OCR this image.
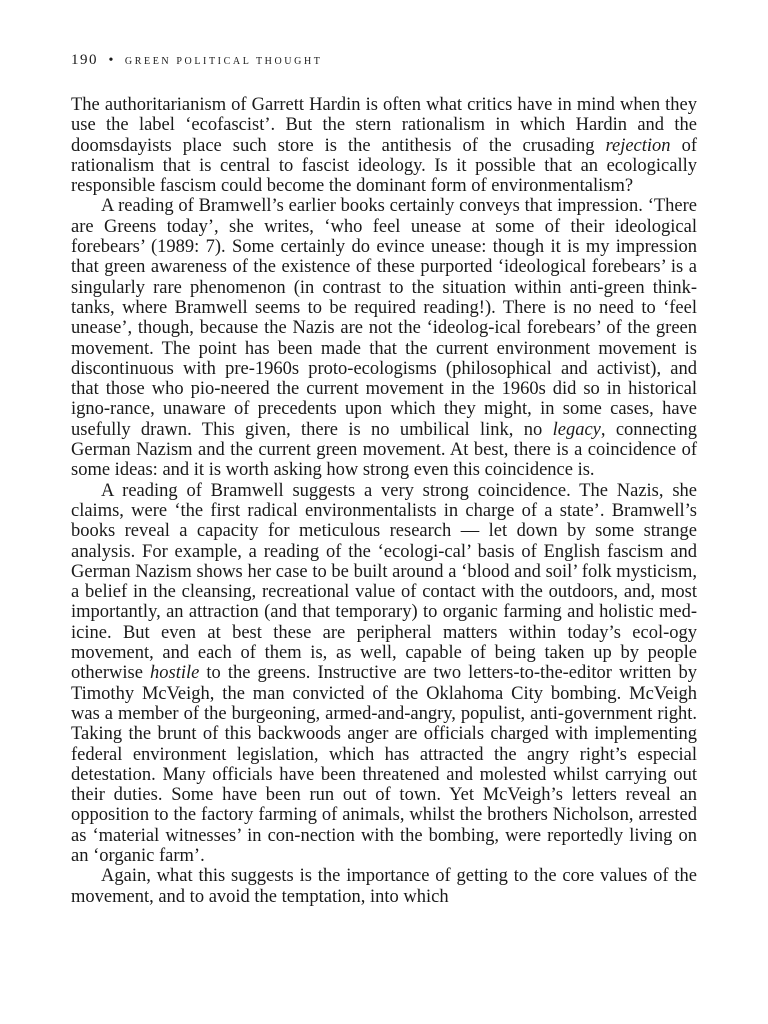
190 • GREEN POLITICAL THOUGHT

The authoritarianism of Garrett Hardin is often what critics have in mind when they use the label ‘ecofascist’. But the stern rationalism in which Hardin and the doomsdayists place such store is the antithesis of the crusading rejection of rationalism that is central to fascist ideology. Is it possible that an ecologically responsible fascism could become the dominant form of environmentalism?

A reading of Bramwell’s earlier books certainly conveys that impression. ‘There are Greens today’, she writes, ‘who feel unease at some of their ideological forebears’ (1989: 7). Some certainly do evince unease: though it is my impression that green awareness of the existence of these purported ‘ideological forebears’ is a singularly rare phenomenon (in contrast to the situation within anti-green think-tanks, where Bramwell seems to be required reading!). There is no need to ‘feel unease’, though, because the Nazis are not the ‘ideolog-ical forebears’ of the green movement. The point has been made that the current environment movement is discontinuous with pre-1960s proto-ecologisms (philosophical and activist), and that those who pio-neered the current movement in the 1960s did so in historical igno-rance, unaware of precedents upon which they might, in some cases, have usefully drawn. This given, there is no umbilical link, no legacy, connecting German Nazism and the current green movement. At best, there is a coincidence of some ideas: and it is worth asking how strong even this coincidence is.

A reading of Bramwell suggests a very strong coincidence. The Nazis, she claims, were ‘the first radical environmentalists in charge of a state’. Bramwell’s books reveal a capacity for meticulous research — let down by some strange analysis. For example, a reading of the ‘ecologi-cal’ basis of English fascism and German Nazism shows her case to be built around a ‘blood and soil’ folk mysticism, a belief in the cleansing, recreational value of contact with the outdoors, and, most importantly, an attraction (and that temporary) to organic farming and holistic med-icine. But even at best these are peripheral matters within today’s ecol-ogy movement, and each of them is, as well, capable of being taken up by people otherwise hostile to the greens. Instructive are two letters-to-the-editor written by Timothy McVeigh, the man convicted of the Oklahoma City bombing. McVeigh was a member of the burgeoning, armed-and-angry, populist, anti-government right. Taking the brunt of this backwoods anger are officials charged with implementing federal environment legislation, which has attracted the angry right’s especial detestation. Many officials have been threatened and molested whilst carrying out their duties. Some have been run out of town. Yet McVeigh’s letters reveal an opposition to the factory farming of animals, whilst the brothers Nicholson, arrested as ‘material witnesses’ in con-nection with the bombing, were reportedly living on an ‘organic farm’.

Again, what this suggests is the importance of getting to the core values of the movement, and to avoid the temptation, into which
